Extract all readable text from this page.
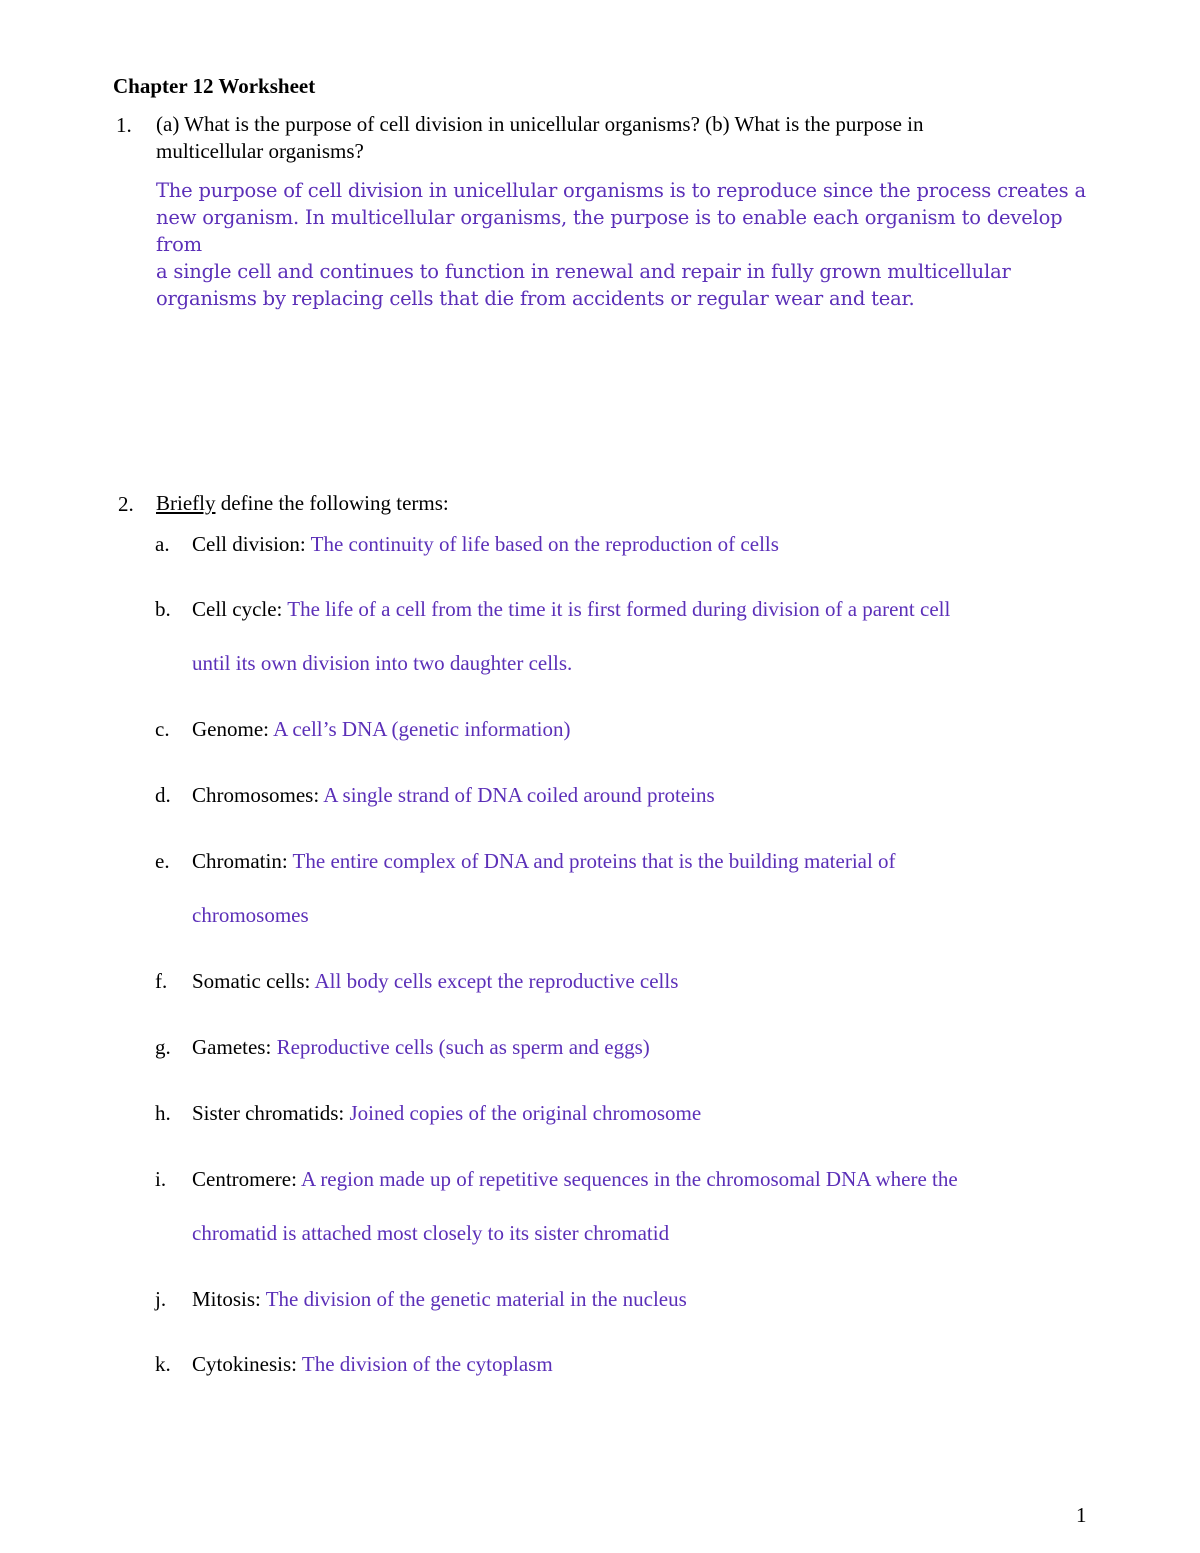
Chapter 12 Worksheet
1. (a) What is the purpose of cell division in unicellular organisms? (b) What is the purpose in
multicellular organisms?
The purpose of cell division in unicellular organisms is to reproduce since the process creates a
new organism. In multicellular organisms, the purpose is to enable each organism to develop from
a single cell and continues to function in renewal and repair in fully grown multicellular
organisms by replacing cells that die from accidents or regular wear and tear.
2. Briefly define the following terms:
a. Cell division: The continuity of life based on the reproduction of cells
b. Cell cycle: The life of a cell from the time it is first formed during division of a parent cell
until its own division into two daughter cells.
c. Genome: A cell’s DNA (genetic information)
d. Chromosomes: A single strand of DNA coiled around proteins
e. Chromatin: The entire complex of DNA and proteins that is the building material of
chromosomes
f. Somatic cells: All body cells except the reproductive cells
g. Gametes: Reproductive cells (such as sperm and eggs)
h. Sister chromatids: Joined copies of the original chromosome
i. Centromere: A region made up of repetitive sequences in the chromosomal DNA where the
chromatid is attached most closely to its sister chromatid
j. Mitosis: The division of the genetic material in the nucleus
k. Cytokinesis: The division of the cytoplasm
1
